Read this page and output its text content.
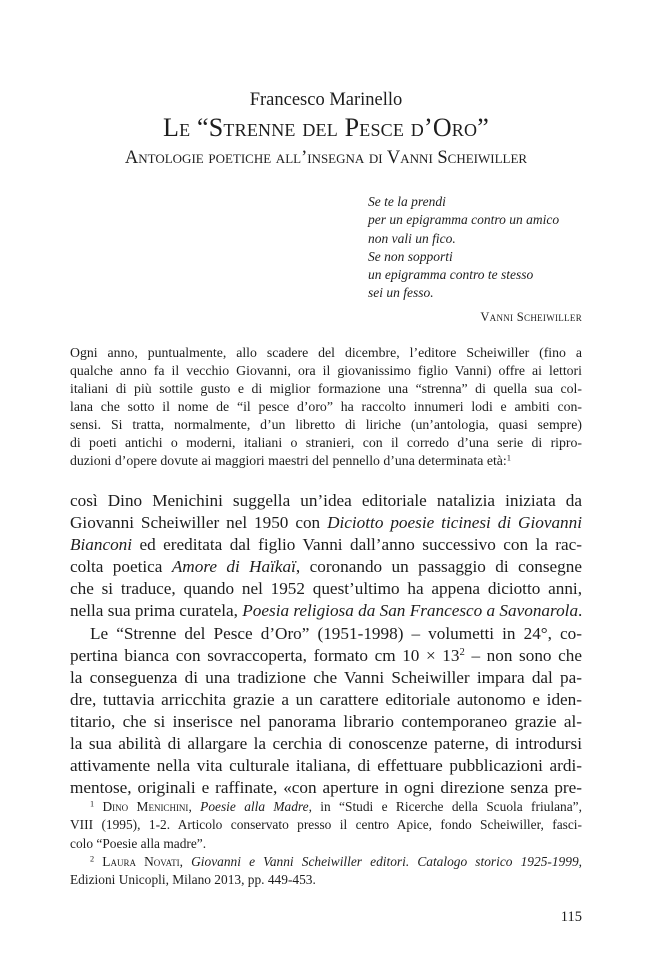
Francesco Marinello
Le “Strenne del Pesce d’Oro”
Antologie poetiche all’insegna di Vanni Scheiwiller
Se te la prendi
per un epigramma contro un amico
non vali un fico.
Se non sopporti
un epigramma contro te stesso
sei un fesso.
Vanni Scheiwiller
Ogni anno, puntualmente, allo scadere del dicembre, l’editore Scheiwiller (fino a
qualche anno fa il vecchio Giovanni, ora il giovanissimo figlio Vanni) offre ai lettori
italiani di più sottile gusto e di miglior formazione una “strenna” di quella sua col-
lana che sotto il nome de “il pesce d’oro” ha raccolto innumeri lodi e ambiti con-
sensi. Si tratta, normalmente, d’un libretto di liriche (un’antologia, quasi sempre)
di poeti antichi o moderni, italiani o stranieri, con il corredo d’una serie di ripro-
duzioni d’opere dovute ai maggiori maestri del pennello d’una determinata età:$^1$
così Dino Menichini suggella un’idea editoriale natalizia iniziata da
Giovanni Scheiwiller nel 1950 con Diciotto poesie ticinesi di Giovanni
Bianconi ed ereditata dal figlio Vanni dall’anno successivo con la rac-
colta poetica Amore di Haïkaï, coronando un passaggio di consegne
che si traduce, quando nel 1952 quest’ultimo ha appena diciotto anni,
nella sua prima curatela, Poesia religiosa da San Francesco a Savonarola.
Le “Strenne del Pesce d’Oro” (1951-1998) – volumetti in 24°, co-
pertina bianca con sovraccoperta, formato cm $10 \times 13^2$ – non sono che
la conseguenza di una tradizione che Vanni Scheiwiller impara dal pa-
dre, tuttavia arricchita grazie a un carattere editoriale autonomo e iden-
titario, che si inserisce nel panorama librario contemporaneo grazie al-
la sua abilità di allargare la cerchia di conoscenze paterne, di introdursi
attivamente nella vita culturale italiana, di effettuare pubblicazioni ardi-
mentose, originali e raffinate, «con aperture in ogni direzione senza pre-
$^1$ Dino Menichini, Poesie alla Madre, in “Studi e Ricerche della Scuola friulana”,
VIII (1995), 1-2. Articolo conservato presso il centro Apice, fondo Scheiwiller, fasci-
colo “Poesie alla madre”.
$^2$ Laura Novati, Giovanni e Vanni Scheiwiller editori. Catalogo storico 1925-1999,
Edizioni Unicopli, Milano 2013, pp. 449-453.
115
